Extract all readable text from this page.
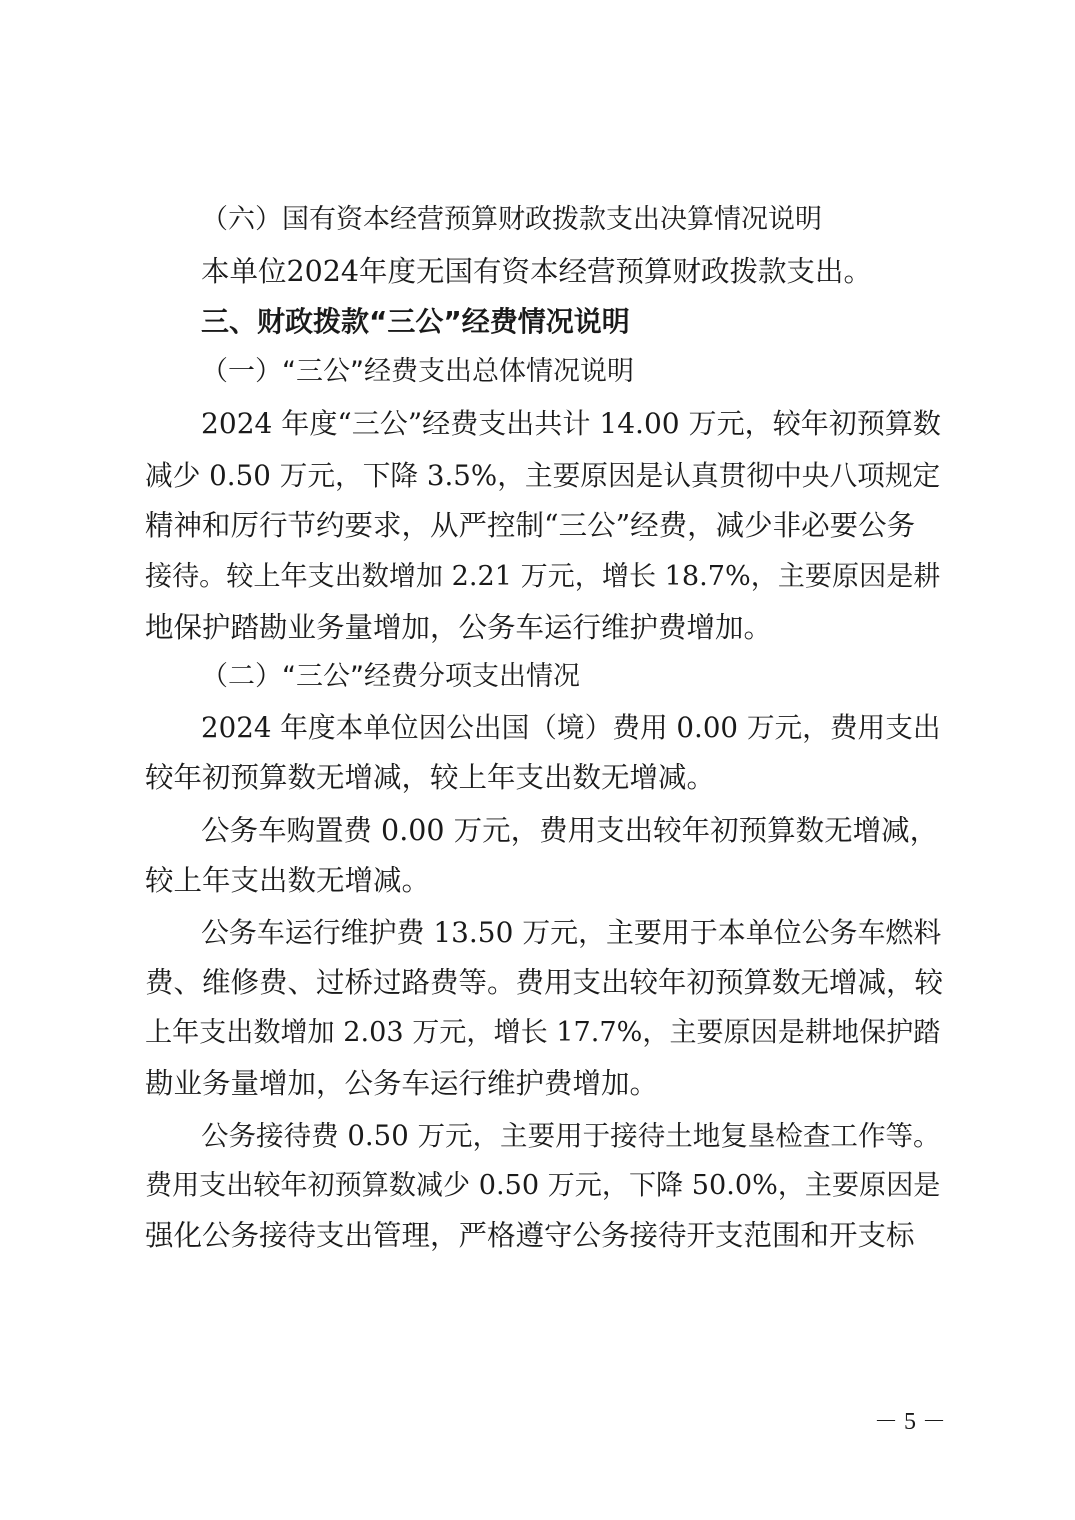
（六）国有资本经营预算财政拨款支出决算情况说明
本单位2024年度无国有资本经营预算财政拨款支出。
三、财政拨款“三公”经费情况说明
（一）“三公”经费支出总体情况说明
2024 年度“三公”经费支出共计 14.00 万元，较年初预算数
减少 0.50 万元，下降 3.5%，主要原因是认真贯彻中央八项规定
精神和厉行节约要求，从严控制“三公”经费，减少非必要公务
接待。较上年支出数增加 2.21 万元，增长 18.7%，主要原因是耕
地保护踏勘业务量增加，公务车运行维护费增加。
（二）“三公”经费分项支出情况
2024 年度本单位因公出国（境）费用 0.00 万元，费用支出
较年初预算数无增减，较上年支出数无增减。
公务车购置费 0.00 万元，费用支出较年初预算数无增减，
较上年支出数无增减。
公务车运行维护费 13.50 万元，主要用于本单位公务车燃料
费、维修费、过桥过路费等。费用支出较年初预算数无增减，较
上年支出数增加 2.03 万元，增长 17.7%，主要原因是耕地保护踏
勘业务量增加，公务车运行维护费增加。
公务接待费 0.50 万元，主要用于接待土地复垦检查工作等。
费用支出较年初预算数减少 0.50 万元，下降 50.0%，主要原因是
强化公务接待支出管理，严格遵守公务接待开支范围和开支标
－ 5 －
